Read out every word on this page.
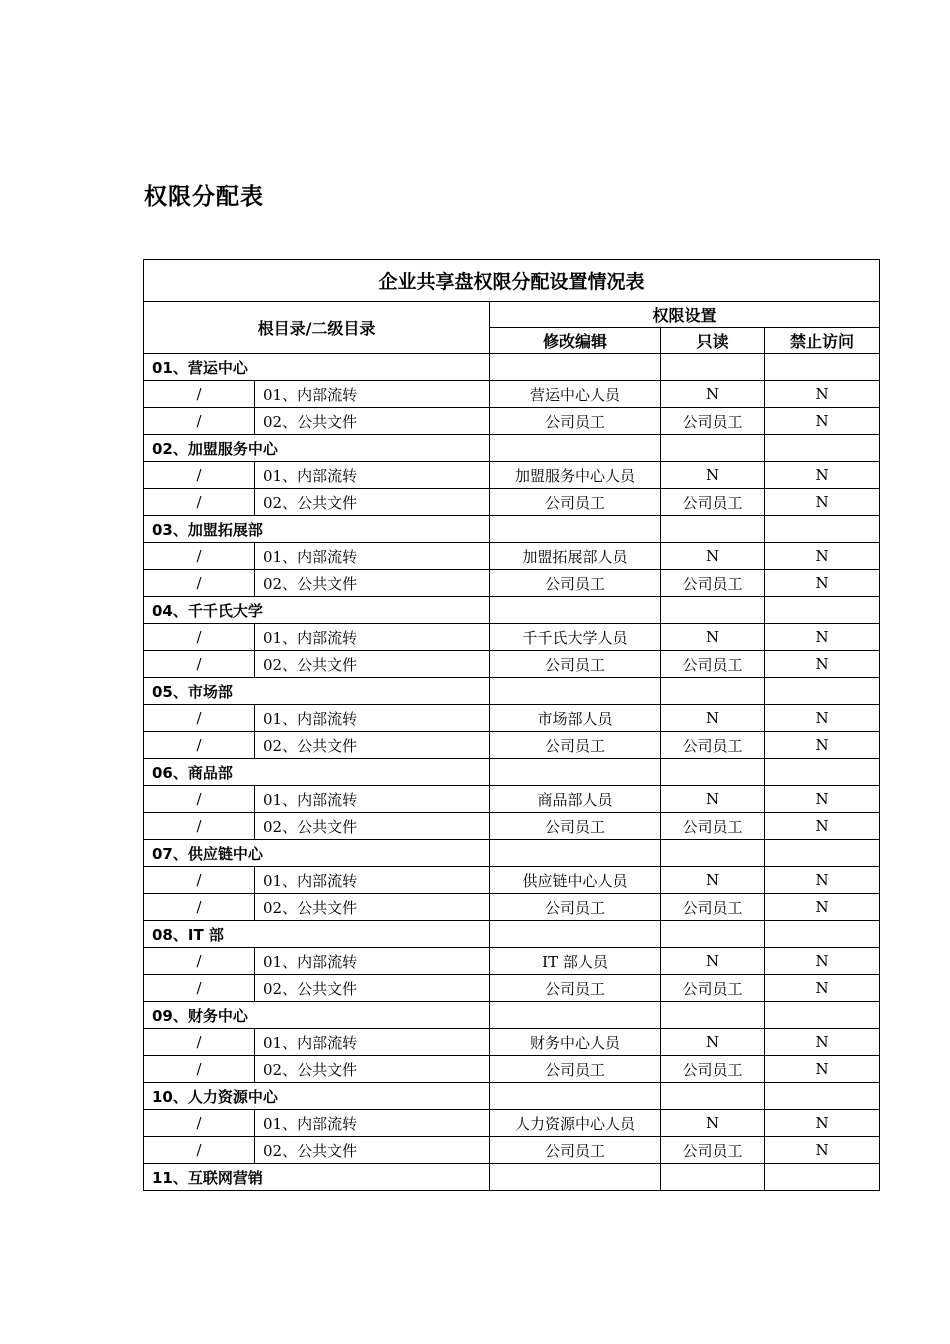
权限分配表
企业共享盘权限分配设置情况表				
根目录/二级目录		权限设置		
		修改编辑	只读	禁止访问
01、营运中心				
/	01、内部流转	营运中心人员	N	N
/	02、公共文件	公司员工	公司员工	N
02、加盟服务中心				
/	01、内部流转	加盟服务中心人员	N	N
/	02、公共文件	公司员工	公司员工	N
03、加盟拓展部				
/	01、内部流转	加盟拓展部人员	N	N
/	02、公共文件	公司员工	公司员工	N
04、千千氏大学				
/	01、内部流转	千千氏大学人员	N	N
/	02、公共文件	公司员工	公司员工	N
05、市场部				
/	01、内部流转	市场部人员	N	N
/	02、公共文件	公司员工	公司员工	N
06、商品部				
/	01、内部流转	商品部人员	N	N
/	02、公共文件	公司员工	公司员工	N
07、供应链中心				
/	01、内部流转	供应链中心人员	N	N
/	02、公共文件	公司员工	公司员工	N
08、IT 部				
/	01、内部流转	IT 部人员	N	N
/	02、公共文件	公司员工	公司员工	N
09、财务中心				
/	01、内部流转	财务中心人员	N	N
/	02、公共文件	公司员工	公司员工	N
10、人力资源中心				
/	01、内部流转	人力资源中心人员	N	N
/	02、公共文件	公司员工	公司员工	N
11、互联网营销				
